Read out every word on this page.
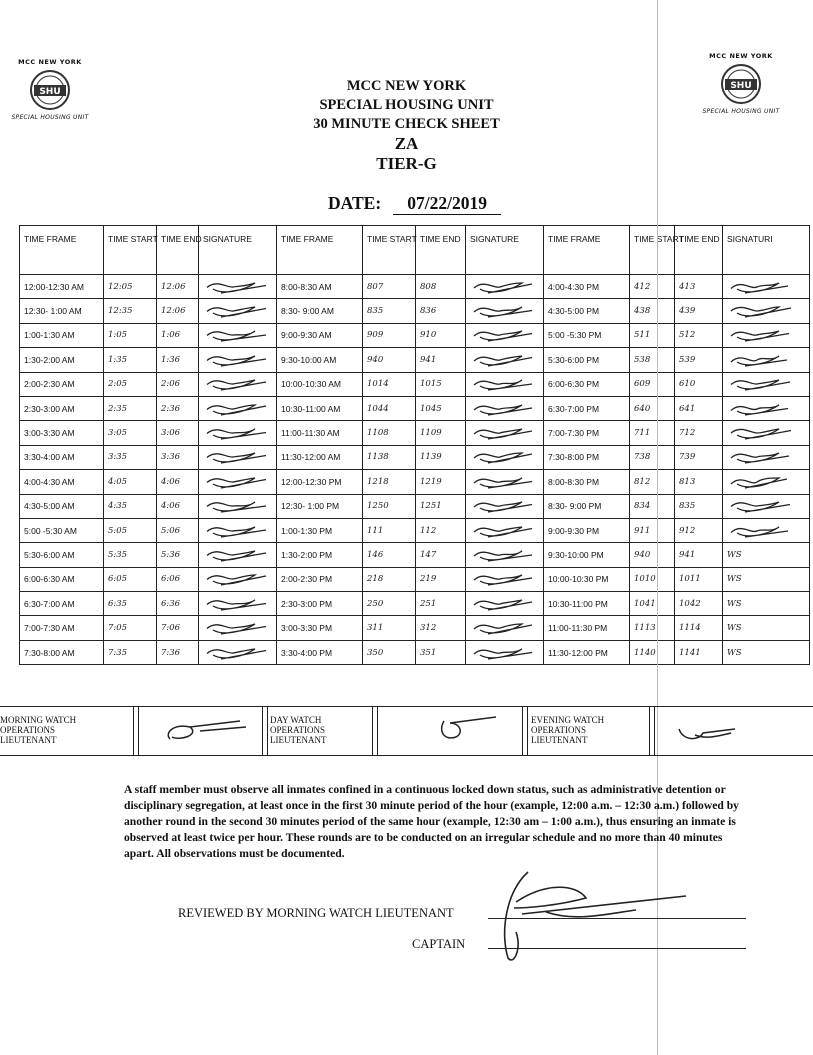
MCC NEW YORK
SHU
SPECIAL HOUSING UNIT
MCC NEW YORK
SHU
SPECIAL HOUSING UNIT
MCC NEW YORK
SPECIAL HOUSING UNIT
30 MINUTE CHECK SHEET
ZA
TIER-G
DATE: 07/22/2019
TIME FRAME	TIME START	TIME END	SIGNATURE	TIME FRAME	TIME START	TIME END	SIGNATURE	TIME FRAME	TIME START	TIME END	SIGNATURI
12:00-12:30 AM	12:05	12:06		8:00-8:30 AM	807	808		4:00-4:30 PM	412	413	

12:30- 1:00 AM	12:35	12:06		8:30- 9:00 AM	835	836		4:30-5:00 PM	438	439	

1:00-1:30 AM	1:05	1:06		9:00-9:30 AM	909	910		5:00 -5:30 PM	511	512	

1:30-2:00 AM	1:35	1:36		9:30-10:00 AM	940	941		5:30-6:00 PM	538	539	

2:00-2:30 AM	2:05	2:06		10:00-10:30 AM	1014	1015		6:00-6:30 PM	609	610	

2:30-3:00 AM	2:35	2:36		10:30-11:00 AM	1044	1045		6:30-7:00 PM	640	641	

3:00-3:30 AM	3:05	3:06		11:00-11:30 AM	1108	1109		7:00-7:30 PM	711	712	

3:30-4:00 AM	3:35	3:36		11:30-12:00 AM	1138	1139		7:30-8:00 PM	738	739	

4:00-4:30 AM	4:05	4:06		12:00-12:30 PM	1218	1219		8:00-8:30 PM	812	813	

4:30-5:00 AM	4:35	4:06		12:30- 1:00 PM	1250	1251		8:30- 9:00 PM	834	835	

5:00 -5:30 AM	5:05	5:06		1:00-1:30 PM	111	112		9:00-9:30 PM	911	912	

5:30-6:00 AM	5:35	5:36		1:30-2:00 PM	146	147		9:30-10:00 PM	940	941	WS
6:00-6:30 AM	6:05	6:06		2:00-2:30 PM	218	219		10:00-10:30 PM	1010	1011	WS
6:30-7:00 AM	6:35	6:36		2:30-3:00 PM	250	251		10:30-11:00 PM	1041	1042	WS
7:00-7:30 AM	7:05	7:06		3:00-3:30 PM	311	312		11:00-11:30 PM	1113	1114	WS
7:30-8:00 AM	7:35	7:36		3:30-4:00 PM	350	351		11:30-12:00 PM	1140	1141	WS
MORNING WATCH
OPERATIONS
LIEUTENANT
DAY WATCH
OPERATIONS
LIEUTENANT
EVENING WATCH
OPERATIONS
LIEUTENANT
A staff member must observe all inmates confined in a continuous locked down status, such as administrative detention or disciplinary segregation, at least once in the first 30 minute period of the hour (example, 12:00 a.m. – 12:30 a.m.) followed by another round in the second 30 minutes period of the same hour (example, 12:30 am – 1:00 a.m.), thus ensuring an inmate is observed at least twice per hour. These rounds are to be conducted on an irregular schedule and no more than 40 minutes apart. All observations must be documented.
REVIEWED BY MORNING WATCH LIEUTENANT
CAPTAIN
